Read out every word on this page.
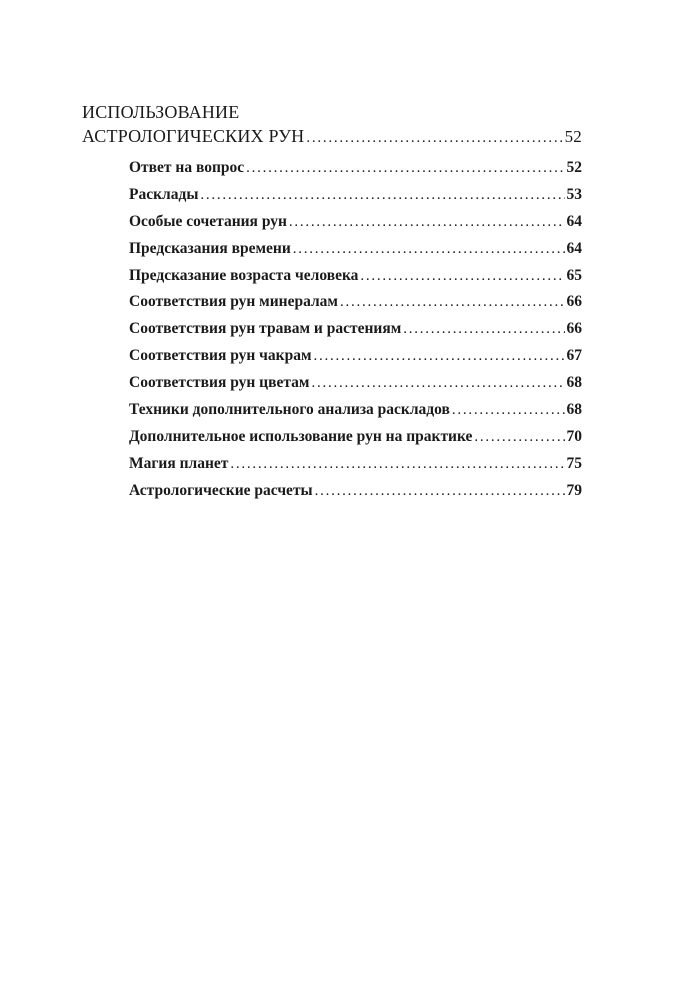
ИСПОЛЬЗОВАНИЕ
АСТРОЛОГИЧЕСКИХ РУН . . .	52
Ответ на вопрос . . .	52
Расклады . . .	53
Особые сочетания рун . . .	64
Предсказания времени . . .	64
Предсказание возраста человека . . .	65
Соответствия рун минералам . . .	66
Соответствия рун травам и растениям . . .	66
Соответствия рун чакрам . . .	67
Соответствия рун цветам . . .	68
Техники дополнительного анализа раскладов . . .	68
Дополнительное использование рун на практике . . .	70
Магия планет . . .	75
Астрологические расчеты . . .	79
